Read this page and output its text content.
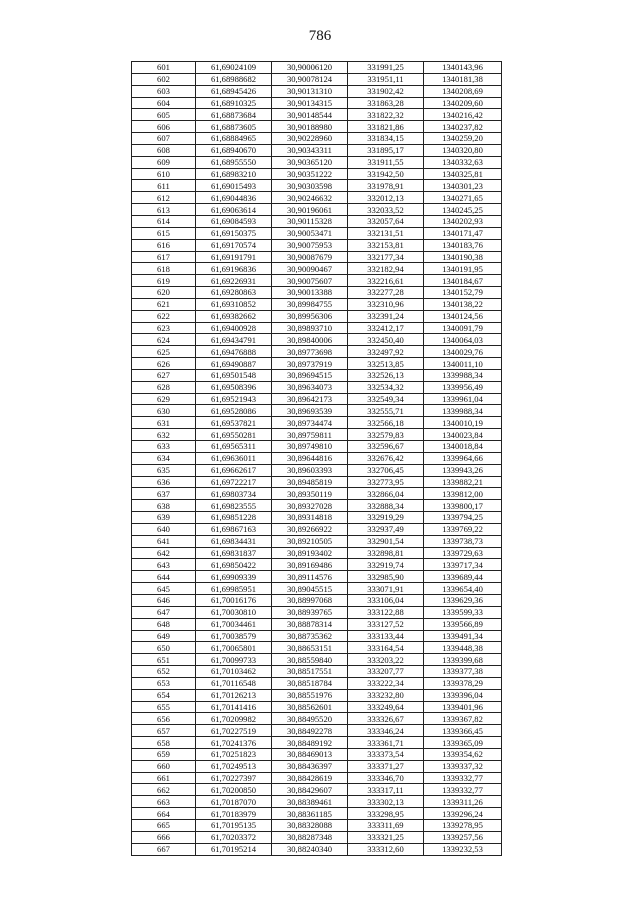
786
601	61,69024109	30,90006120	331991,25	1340143,96
602	61,68988682	30,90078124	331951,11	1340181,38
603	61,68945426	30,90131310	331902,42	1340208,69
604	61,68910325	30,90134315	331863,28	1340209,60
605	61,68873684	30,90148544	331822,32	1340216,42
606	61,68873605	30,90188980	331821,86	1340237,82
607	61,68884965	30,90228960	331834,15	1340259,20
608	61,68940670	30,90343311	331895,17	1340320,80
609	61,68955550	30,90365120	331911,55	1340332,63
610	61,68983210	30,90351222	331942,50	1340325,81
611	61,69015493	30,90303598	331978,91	1340301,23
612	61,69044836	30,90246632	332012,13	1340271,65
613	61,69063614	30,90196061	332033,52	1340245,25
614	61,69084593	30,90115328	332057,64	1340202,93
615	61,69150375	30,90053471	332131,51	1340171,47
616	61,69170574	30,90075953	332153,81	1340183,76
617	61,69191791	30,90087679	332177,34	1340190,38
618	61,69196836	30,90090467	332182,94	1340191,95
619	61,69226931	30,90075607	332216,61	1340184,67
620	61,69280863	30,90013388	332277,28	1340152,79
621	61,69310852	30,89984755	332310,96	1340138,22
622	61,69382662	30,89956306	332391,24	1340124,56
623	61,69400928	30,89893710	332412,17	1340091,79
624	61,69434791	30,89840006	332450,40	1340064,03
625	61,69476888	30,89773698	332497,92	1340029,76
626	61,69490887	30,89737919	332513,85	1340011,10
627	61,69501548	30,89694515	332526,13	1339988,34
628	61,69508396	30,89634073	332534,32	1339956,49
629	61,69521943	30,89642173	332549,34	1339961,04
630	61,69528086	30,89693539	332555,71	1339988,34
631	61,69537821	30,89734474	332566,18	1340010,19
632	61,69550281	30,89759811	332579,83	1340023,84
633	61,69565311	30,89749810	332596,67	1340018,84
634	61,69636011	30,89644816	332676,42	1339964,66
635	61,69662617	30,89603393	332706,45	1339943,26
636	61,69722217	30,89485819	332773,95	1339882,21
637	61,69803734	30,89350119	332866,04	1339812,00
638	61,69823555	30,89327028	332888,34	1339800,17
639	61,69851228	30,89314818	332919,29	1339794,25
640	61,69867163	30,89266922	332937,49	1339769,22
641	61,69834431	30,89210505	332901,54	1339738,73
642	61,69831837	30,89193402	332898,81	1339729,63
643	61,69850422	30,89169486	332919,74	1339717,34
644	61,69909339	30,89114576	332985,90	1339689,44
645	61,69985951	30,89045515	333071,91	1339654,40
646	61,70016176	30,88997068	333106,04	1339629,36
647	61,70030810	30,88939765	333122,88	1339599,33
648	61,70034461	30,88878314	333127,52	1339566,89
649	61,70038579	30,88735362	333133,44	1339491,34
650	61,70065801	30,88653151	333164,54	1339448,38
651	61,70099733	30,88559840	333203,22	1339399,68
652	61,70103462	30,88517551	333207,77	1339377,38
653	61,70116548	30,88518784	333222,34	1339378,29
654	61,70126213	30,88551976	333232,80	1339396,04
655	61,70141416	30,88562601	333249,64	1339401,96
656	61,70209982	30,88495520	333326,67	1339367,82
657	61,70227519	30,88492278	333346,24	1339366,45
658	61,70241376	30,88489192	333361,71	1339365,09
659	61,70251823	30,88469013	333373,54	1339354,62
660	61,70249513	30,88436397	333371,27	1339337,32
661	61,70227397	30,88428619	333346,70	1339332,77
662	61,70200850	30,88429607	333317,11	1339332,77
663	61,70187070	30,88389461	333302,13	1339311,26
664	61,70183979	30,88361185	333298,95	1339296,24
665	61,70195135	30,88328088	333311,69	1339278,95
666	61,70203372	30,88287348	333321,25	1339257,56
667	61,70195214	30,88240340	333312,60	1339232,53
